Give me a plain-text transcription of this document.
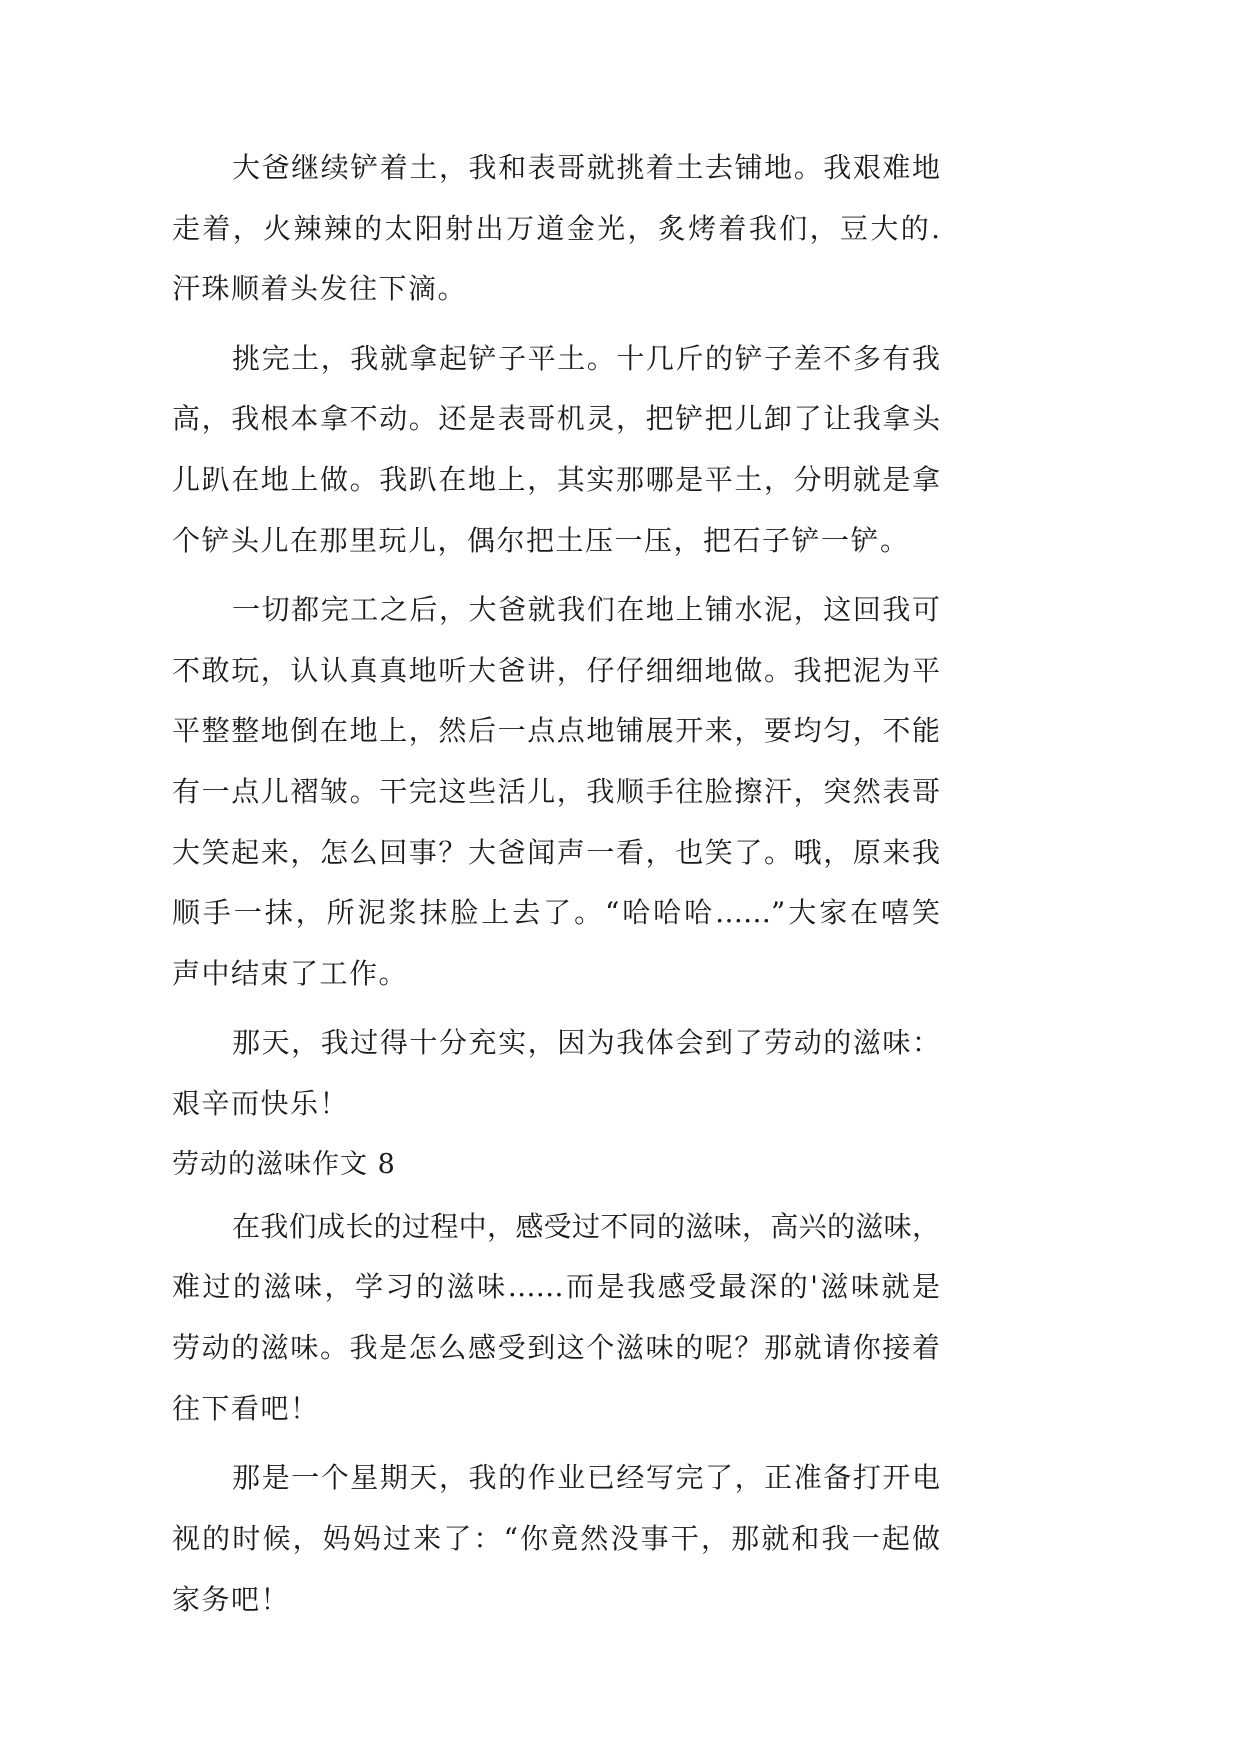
大爸继续铲着土，我和表哥就挑着土去铺地。我艰难地
走着，火辣辣的太阳射出万道金光，炙烤着我们，豆大的.
汗珠顺着头发往下滴。
挑完土，我就拿起铲子平土。十几斤的铲子差不多有我
高，我根本拿不动。还是表哥机灵，把铲把儿卸了让我拿头
儿趴在地上做。我趴在地上，其实那哪是平土，分明就是拿
个铲头儿在那里玩儿，偶尔把土压一压，把石子铲一铲。
一切都完工之后，大爸就我们在地上铺水泥，这回我可
不敢玩，认认真真地听大爸讲，仔仔细细地做。我把泥为平
平整整地倒在地上，然后一点点地铺展开来，要均匀，不能
有一点儿褶皱。干完这些活儿，我顺手往脸擦汗，突然表哥
大笑起来，怎么回事？大爸闻声一看，也笑了。哦，原来我
顺手一抹，所泥浆抹脸上去了。“哈哈哈……”大家在嘻笑
声中结束了工作。
那天，我过得十分充实，因为我体会到了劳动的滋味：
艰辛而快乐！
劳动的滋味作文 8
在我们成长的过程中，感受过不同的滋味，高兴的滋味，
难过的滋味，学习的滋味……而是我感受最深的'滋味就是
劳动的滋味。我是怎么感受到这个滋味的呢？那就请你接着
往下看吧！
那是一个星期天，我的作业已经写完了，正准备打开电
视的时候，妈妈过来了：“你竟然没事干，那就和我一起做
家务吧！
